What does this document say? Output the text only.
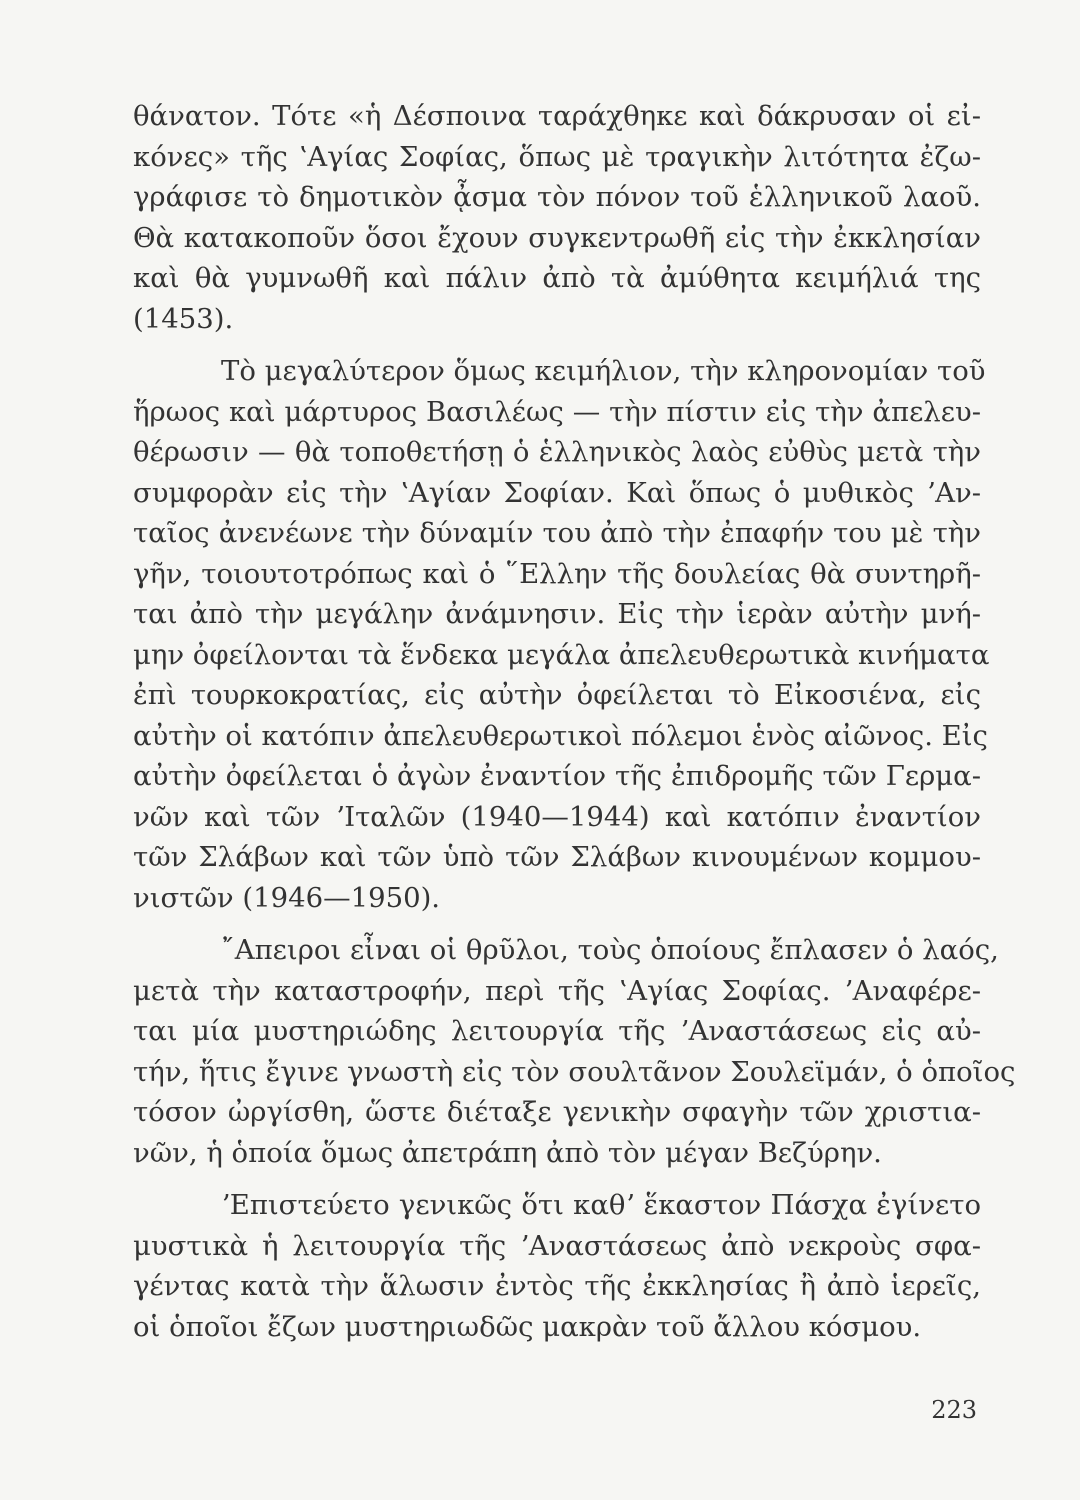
θάνατον. Τότε «ἡ Δέσποινα ταράχθηκε καὶ δάκρυσαν οἱ εἰ-
κόνες» τῆς ʽΑγίας Σοφίας, ὅπως μὲ τραγικὴν λιτότητα ἐζω-
γράφισε τὸ δημοτικὸν ᾆσμα τὸν πόνον τοῦ ἑλληνικοῦ λαοῦ.
Θὰ κατακοποῦν ὅσοι ἔχουν συγκεντρωθῆ εἰς τὴν ἐκκλησίαν
καὶ θὰ γυμνωθῆ καὶ πάλιν ἀπὸ τὰ ἀμύθητα κειμήλιά της
(1453).
Τὸ μεγαλύτερον ὅμως κειμήλιον, τὴν κληρονομίαν τοῦ
ἥρωος καὶ μάρτυρος Βασιλέως — τὴν πίστιν εἰς τὴν ἀπελευ-
θέρωσιν — θὰ τοποθετήσῃ ὁ ἑλληνικὸς λαὸς εὐθὺς μετὰ τὴν
συμφορὰν εἰς τὴν ʽΑγίαν Σοφίαν. Καὶ ὅπως ὁ μυθικὸς ʼΑν-
ταῖος ἀνενέωνε τὴν δύναμίν του ἀπὸ τὴν ἐπαφήν του μὲ τὴν
γῆν, τοιουτοτρόπως καὶ ὁ ῞Ελλην τῆς δουλείας θὰ συντηρῆ-
ται ἀπὸ τὴν μεγάλην ἀνάμνησιν. Εἰς τὴν ἱερὰν αὐτὴν μνή-
μην ὀφείλονται τὰ ἕνδεκα μεγάλα ἀπελευθερωτικὰ κινήματα
ἐπὶ τουρκοκρατίας, εἰς αὐτὴν ὀφείλεται τὸ Εἰκοσιένα, εἰς
αὐτὴν οἱ κατόπιν ἀπελευθερωτικοὶ πόλεμοι ἑνὸς αἰῶνος. Εἰς
αὐτὴν ὀφείλεται ὁ ἀγὼν ἐναντίον τῆς ἐπιδρομῆς τῶν Γερμα-
νῶν καὶ τῶν ʼΙταλῶν (1940—1944) καὶ κατόπιν ἐναντίον
τῶν Σλάβων καὶ τῶν ὑπὸ τῶν Σλάβων κινουμένων κομμου-
νιστῶν (1946—1950).
῎Απειροι εἶναι οἱ θρῦλοι, τοὺς ὁποίους ἔπλασεν ὁ λαός,
μετὰ τὴν καταστροφήν, περὶ τῆς ʽΑγίας Σοφίας. ʼΑναφέρε-
ται μία μυστηριώδης λειτουργία τῆς ʼΑναστάσεως εἰς αὐ-
τήν, ἥτις ἔγινε γνωστὴ εἰς τὸν σουλτᾶνον Σουλεϊμάν, ὁ ὁποῖος
τόσον ὠργίσθη, ὥστε διέταξε γενικὴν σφαγὴν τῶν χριστια-
νῶν, ἡ ὁποία ὅμως ἀπετράπη ἀπὸ τὸν μέγαν Βεζύρην.
ʼΕπιστεύετο γενικῶς ὅτι καθʼ ἕκαστον Πάσχα ἐγίνετο
μυστικὰ ἡ λειτουργία τῆς ʼΑναστάσεως ἀπὸ νεκροὺς σφα-
γέντας κατὰ τὴν ἅλωσιν ἐντὸς τῆς ἐκκλησίας ἢ ἀπὸ ἱερεῖς,
οἱ ὁποῖοι ἔζων μυστηριωδῶς μακρὰν τοῦ ἄλλου κόσμου.
223
